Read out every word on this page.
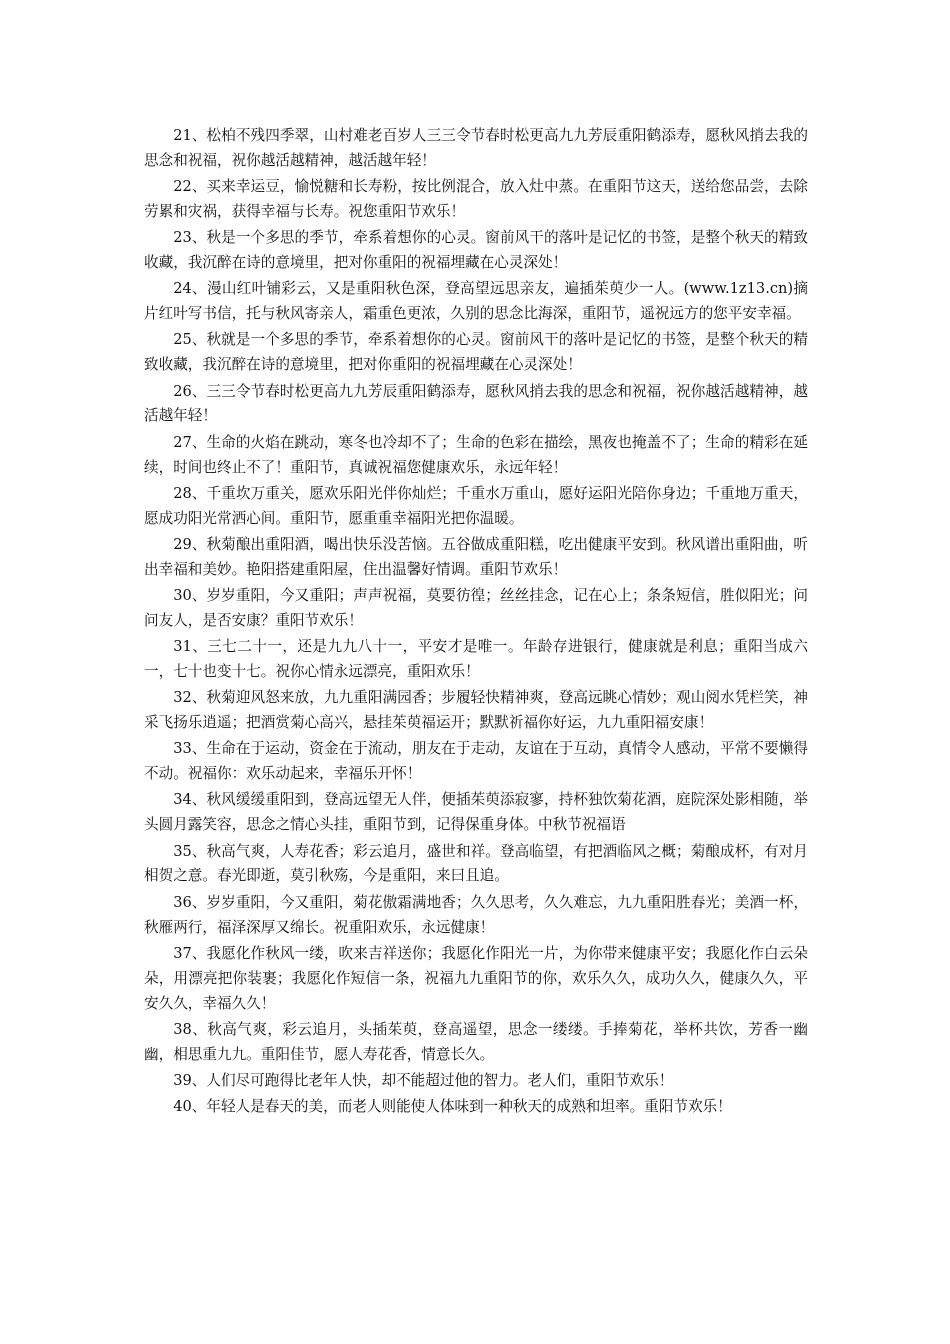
21、松柏不残四季翠，山村难老百岁人三三令节春时松更高九九芳辰重阳鹤添寿，愿秋风捎去我的思念和祝福，祝你越活越精神，越活越年轻！

22、买来幸运豆，愉悦糖和长寿粉，按比例混合，放入灶中蒸。在重阳节这天，送给您品尝，去除劳累和灾祸，获得幸福与长寿。祝您重阳节欢乐！

23、秋是一个多思的季节，牵系着想你的心灵。窗前风干的落叶是记忆的书签，是整个秋天的精致收藏，我沉醉在诗的意境里，把对你重阳的祝福埋藏在心灵深处！

24、漫山红叶铺彩云，又是重阳秋色深，登高望远思亲友，遍插茱萸少一人。(www.1z13.cn)摘片红叶写书信，托与秋风寄亲人，霜重色更浓，久别的思念比海深，重阳节，遥祝远方的您平安幸福。

25、秋就是一个多思的季节，牵系着想你的心灵。窗前风干的落叶是记忆的书签，是整个秋天的精致收藏，我沉醉在诗的意境里，把对你重阳的祝福埋藏在心灵深处！

26、三三令节春时松更高九九芳辰重阳鹤添寿，愿秋风捎去我的思念和祝福，祝你越活越精神，越活越年轻！

27、生命的火焰在跳动，寒冬也冷却不了；生命的色彩在描绘，黑夜也掩盖不了；生命的精彩在延续，时间也终止不了！重阳节，真诚祝福您健康欢乐，永远年轻！

28、千重坎万重关，愿欢乐阳光伴你灿烂；千重水万重山，愿好运阳光陪你身边；千重地万重天，愿成功阳光常洒心间。重阳节，愿重重幸福阳光把你温暖。

29、秋菊酿出重阳酒，喝出快乐没苦恼。五谷做成重阳糕，吃出健康平安到。秋风谱出重阳曲，听出幸福和美妙。艳阳搭建重阳屋，住出温馨好情调。重阳节欢乐！

30、岁岁重阳，今又重阳；声声祝福，莫要彷徨；丝丝挂念，记在心上；条条短信，胜似阳光；问问友人，是否安康？重阳节欢乐！

31、三七二十一，还是九九八十一，平安才是唯一。年龄存进银行，健康就是利息；重阳当成六一，七十也变十七。祝你心情永远漂亮，重阳欢乐！

32、秋菊迎风怒来放，九九重阳满园香；步履轻快精神爽，登高远眺心情妙；观山阅水凭栏笑，神采飞扬乐逍遥；把酒赏菊心高兴，悬挂茱萸福运开；默默祈福你好运，九九重阳福安康！

33、生命在于运动，资金在于流动，朋友在于走动，友谊在于互动，真情令人感动，平常不要懒得不动。祝福你：欢乐动起来，幸福乐开怀！

34、秋风缓缓重阳到，登高远望无人伴，便插茱萸添寂寥，持杯独饮菊花酒，庭院深处影相随，举头圆月露笑容，思念之情心头挂，重阳节到，记得保重身体。中秋节祝福语

35、秋高气爽，人寿花香；彩云追月，盛世和祥。登高临望，有把酒临风之概；菊酿成杯，有对月相贺之意。春光即逝，莫引秋殇，今是重阳，来曰且追。

36、岁岁重阳，今又重阳，菊花傲霜满地香；久久思考，久久难忘，九九重阳胜春光；美酒一杯，秋雁两行，福泽深厚又绵长。祝重阳欢乐，永远健康！

37、我愿化作秋风一缕，吹来吉祥送你；我愿化作阳光一片，为你带来健康平安；我愿化作白云朵朵，用漂亮把你装裹；我愿化作短信一条，祝福九九重阳节的你，欢乐久久，成功久久，健康久久，平安久久，幸福久久！

38、秋高气爽，彩云追月，头插茱萸，登高遥望，思念一缕缕。手捧菊花，举杯共饮，芳香一幽幽，相思重九九。重阳佳节，愿人寿花香，情意长久。

39、人们尽可跑得比老年人快，却不能超过他的智力。老人们，重阳节欢乐！

40、年轻人是春天的美，而老人则能使人体味到一种秋天的成熟和坦率。重阳节欢乐！
